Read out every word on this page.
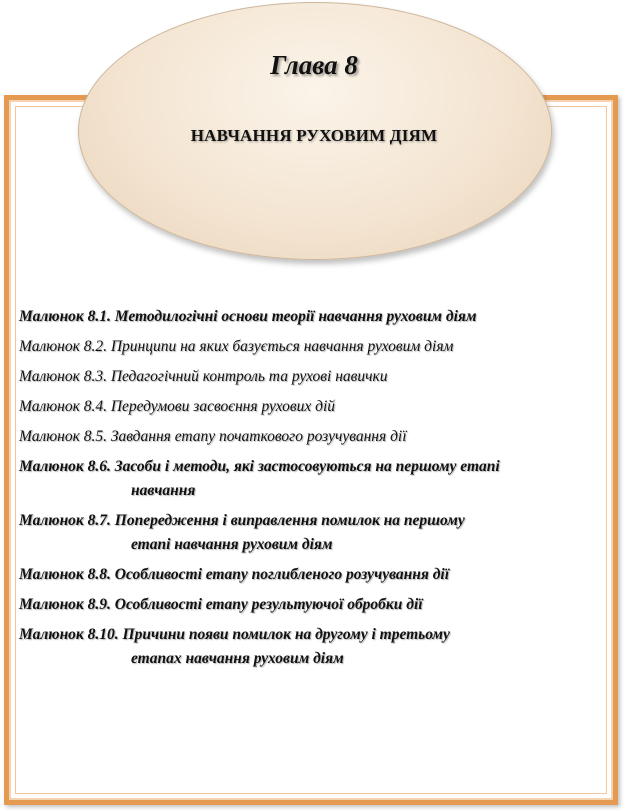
Глава 8
НАВЧАННЯ РУХОВИМ ДІЯМ
Малюнок 8.1. Методилогічні основи теорії навчання руховим діям
Малюнок 8.2. Принципи на яких базується навчання руховим діям
Малюнок 8.3. Педагогічний контроль та рухові навички
Малюнок 8.4. Передумови засвоєння рухових дій
Малюнок 8.5. Завдання етапу початкового розучування дії
Малюнок 8.6. Засоби і методи, які застосовуються на першому етапі
навчання
Малюнок 8.7. Попередження і виправлення помилок на першому
етапі навчання руховим діям
Малюнок 8.8. Особливості етапу поглибленого розучування дії
Малюнок 8.9. Особливості етапу результуючої обробки дії
Малюнок 8.10. Причини появи помилок на другому і третьому
етапах навчання руховим діям
